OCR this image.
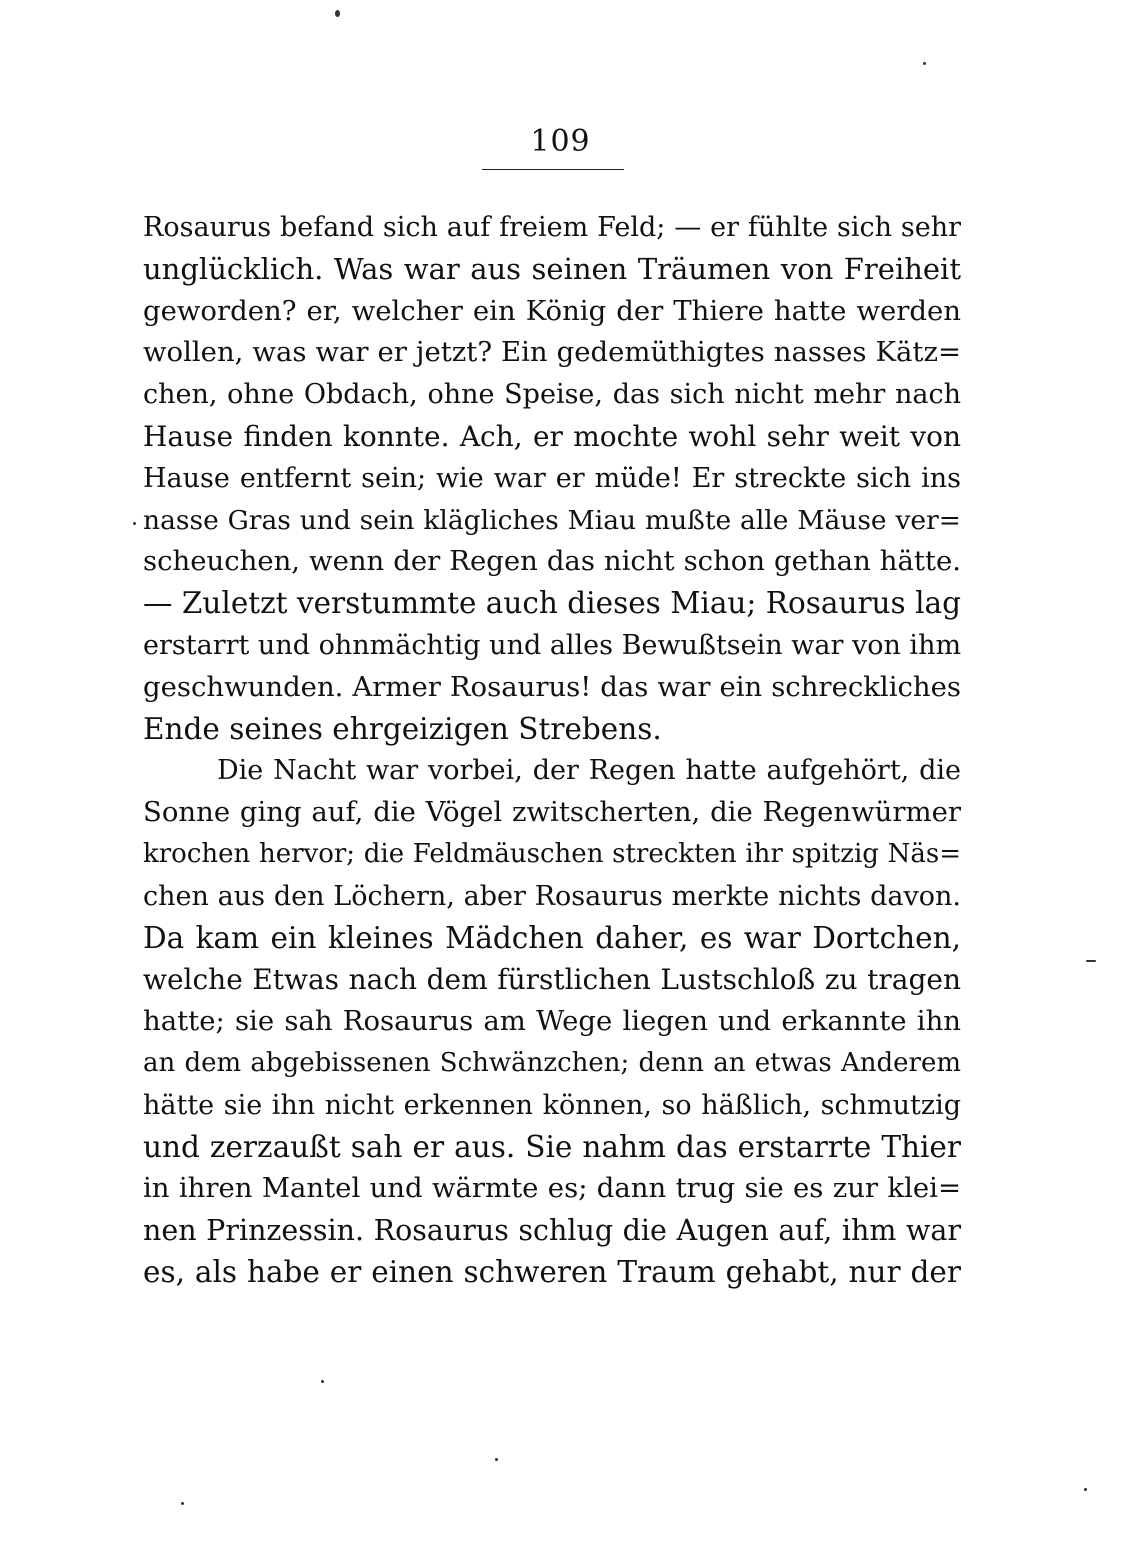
109
Rosaurus befand sich auf freiem Feld; — er fühlte sich sehr
unglücklich. Was war aus seinen Träumen von Freiheit
geworden? er, welcher ein König der Thiere hatte werden
wollen, was war er jetzt? Ein gedemüthigtes nasses Kätz=
chen, ohne Obdach, ohne Speise, das sich nicht mehr nach
Hause finden konnte. Ach, er mochte wohl sehr weit von
Hause entfernt sein; wie war er müde! Er streckte sich ins
nasse Gras und sein klägliches Miau mußte alle Mäuse ver=
scheuchen, wenn der Regen das nicht schon gethan hätte.
— Zuletzt verstummte auch dieses Miau; Rosaurus lag
erstarrt und ohnmächtig und alles Bewußtsein war von ihm
geschwunden. Armer Rosaurus! das war ein schreckliches
Ende seines ehrgeizigen Strebens.
Die Nacht war vorbei, der Regen hatte aufgehört, die
Sonne ging auf, die Vögel zwitscherten, die Regenwürmer
krochen hervor; die Feldmäuschen streckten ihr spitzig Näs=
chen aus den Löchern, aber Rosaurus merkte nichts davon.
Da kam ein kleines Mädchen daher, es war Dortchen,
welche Etwas nach dem fürstlichen Lustschloß zu tragen
hatte; sie sah Rosaurus am Wege liegen und erkannte ihn
an dem abgebissenen Schwänzchen; denn an etwas Anderem
hätte sie ihn nicht erkennen können, so häßlich, schmutzig
und zerzaußt sah er aus. Sie nahm das erstarrte Thier
in ihren Mantel und wärmte es; dann trug sie es zur klei=
nen Prinzessin. Rosaurus schlug die Augen auf, ihm war
es, als habe er einen schweren Traum gehabt, nur der
